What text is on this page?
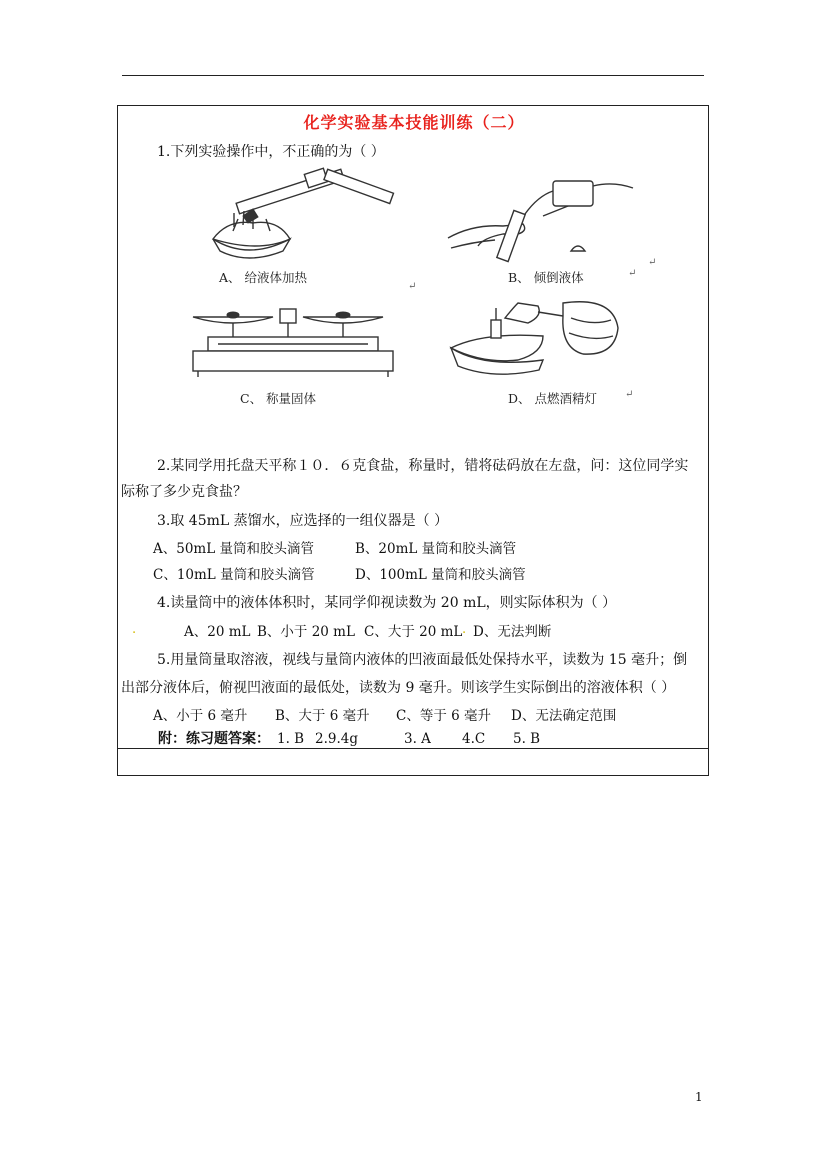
化学实验基本技能训练（二）
1.下列实验操作中，不正确的为（ ）
A、 给液体加热	B、 倾倒液体	↵
↵
↵
C、 称量固体	D、 点燃酒精灯	↵
2.某同学用托盘天平称１０．６克食盐，称量时，错将砝码放在左盘，问：这位同学实
际称了多少克食盐？
3.取 45mL 蒸馏水，应选择的一组仪器是（ ）
A、50mL 量筒和胶头滴管	B、20mL 量筒和胶头滴管
C、10mL 量筒和胶头滴管	D、100mL 量筒和胶头滴管
4.读量筒中的液体体积时，某同学仰视读数为 20 mL，则实际体积为（ ）
.	A、20 mL B、小于 20 mL C、大于 20 mL . D、无法判断
5.用量筒量取溶液，视线与量筒内液体的凹液面最低处保持水平，读数为 15 毫升；倒
出部分液体后，俯视凹液面的最低处，读数为 9 毫升。则该学生实际倒出的溶液体积（ ）
A、小于 6 毫升 B、大于 6 毫升 C、等于 6 毫升 D、无法确定范围
附：练习题答案： 1. B 2.9.4g	3. A 4.C 5. B
1
